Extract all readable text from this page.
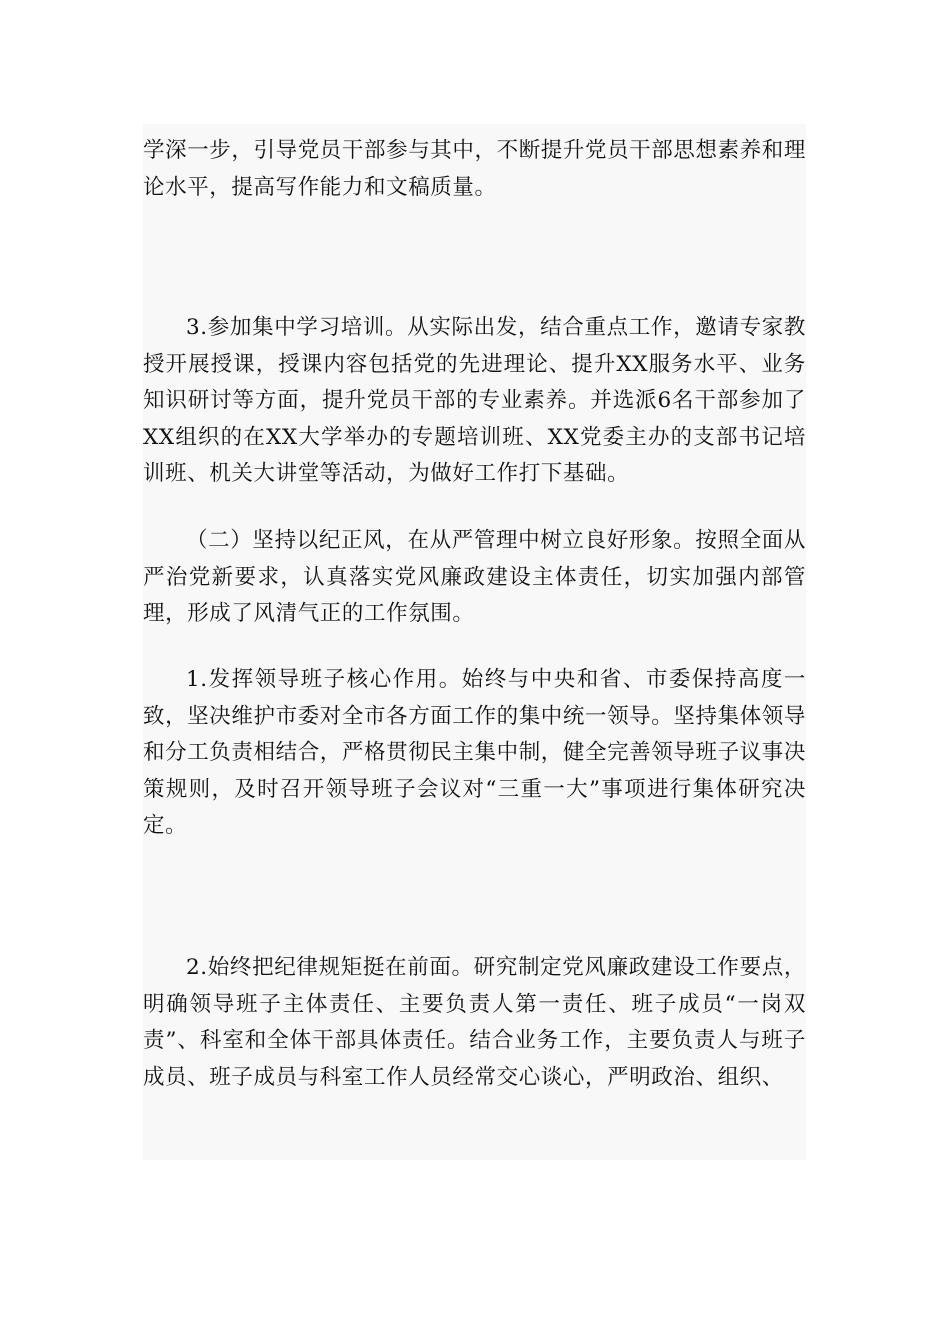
学深一步，引导党员干部参与其中，不断提升党员干部思想素养和理论水平，提高写作能力和文稿质量。

3.参加集中学习培训。从实际出发，结合重点工作，邀请专家教授开展授课，授课内容包括党的先进理论、提升XX服务水平、业务知识研讨等方面，提升党员干部的专业素养。并选派6名干部参加了XX组织的在XX大学举办的专题培训班、XX党委主办的支部书记培训班、机关大讲堂等活动，为做好工作打下基础。

（二）坚持以纪正风，在从严管理中树立良好形象。按照全面从严治党新要求，认真落实党风廉政建设主体责任，切实加强内部管理，形成了风清气正的工作氛围。

1.发挥领导班子核心作用。始终与中央和省、市委保持高度一致，坚决维护市委对全市各方面工作的集中统一领导。坚持集体领导和分工负责相结合，严格贯彻民主集中制，健全完善领导班子议事决策规则，及时召开领导班子会议对“三重一大”事项进行集体研究决定。

2.始终把纪律规矩挺在前面。研究制定党风廉政建设工作要点，明确领导班子主体责任、主要负责人第一责任、班子成员“一岗双责”、科室和全体干部具体责任。结合业务工作，主要负责人与班子成员、班子成员与科室工作人员经常交心谈心，严明政治、组织、
